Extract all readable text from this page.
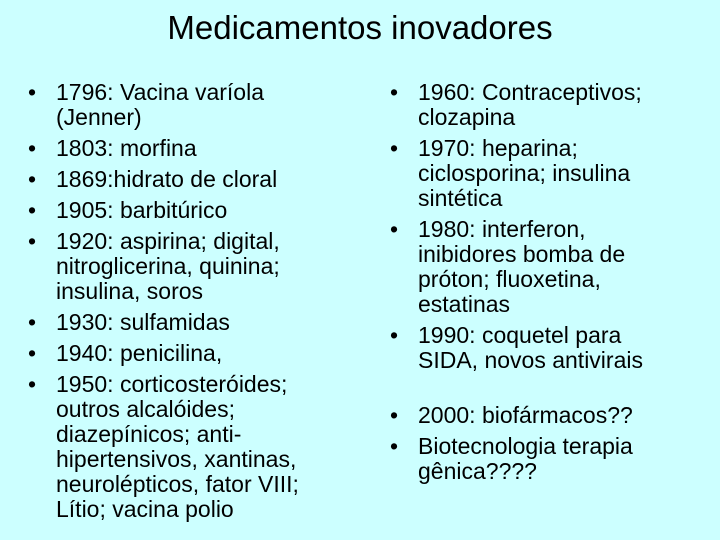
Medicamentos inovadores
• 1796: Vacina varíola
(Jenner)
• 1803: morfina
• 1869:hidrato de cloral
• 1905: barbitúrico
• 1920: aspirina; digital,
nitroglicerina, quinina;
insulina, soros
• 1930: sulfamidas
• 1940: penicilina,
• 1950: corticosteróides;
outros alcalóides;
diazepínicos; anti-
hipertensivos, xantinas,
neurolépticos, fator VIII;
Lítio; vacina polio
• 1960: Contraceptivos;
clozapina
• 1970: heparina;
ciclosporina; insulina
sintética
• 1980: interferon,
inibidores bomba de
próton; fluoxetina,
estatinas
• 1990: coquetel para
SIDA, novos antivirais
• 2000: biofármacos??
• Biotecnologia terapia
gênica????
